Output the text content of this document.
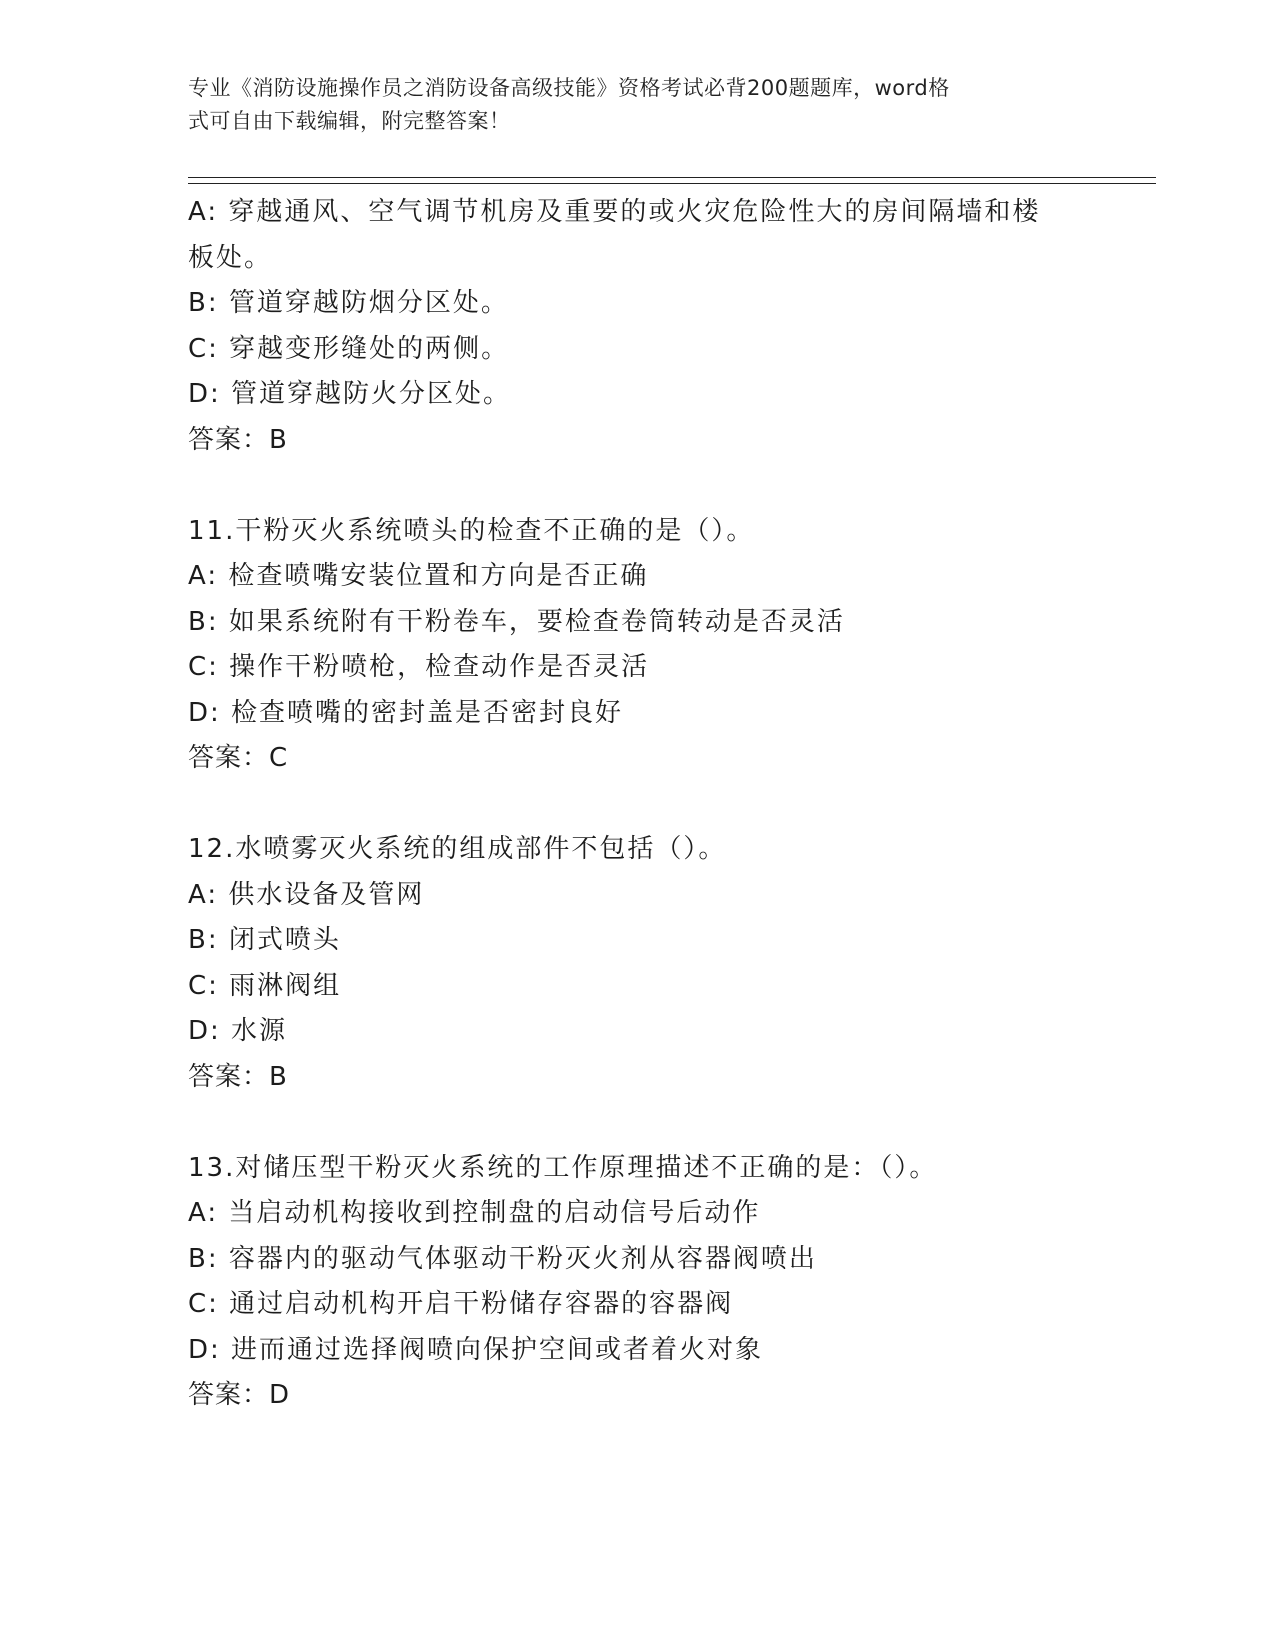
专业《消防设施操作员之消防设备高级技能》资格考试必背200题题库，word格
式可自由下载编辑，附完整答案！
A: 穿越通风、空气调节机房及重要的或火灾危险性大的房间隔墙和楼
板处。
B: 管道穿越防烟分区处。
C: 穿越变形缝处的两侧。
D: 管道穿越防火分区处。
答案：B
11.干粉灭火系统喷头的检查不正确的是（）。
A: 检查喷嘴安装位置和方向是否正确
B: 如果系统附有干粉卷车，要检查卷筒转动是否灵活
C: 操作干粉喷枪，检查动作是否灵活
D: 检查喷嘴的密封盖是否密封良好
答案：C
12.水喷雾灭火系统的组成部件不包括（）。
A: 供水设备及管网
B: 闭式喷头
C: 雨淋阀组
D: 水源
答案：B
13.对储压型干粉灭火系统的工作原理描述不正确的是：（）。
A: 当启动机构接收到控制盘的启动信号后动作
B: 容器内的驱动气体驱动干粉灭火剂从容器阀喷出
C: 通过启动机构开启干粉储存容器的容器阀
D: 进而通过选择阀喷向保护空间或者着火对象
答案：D
